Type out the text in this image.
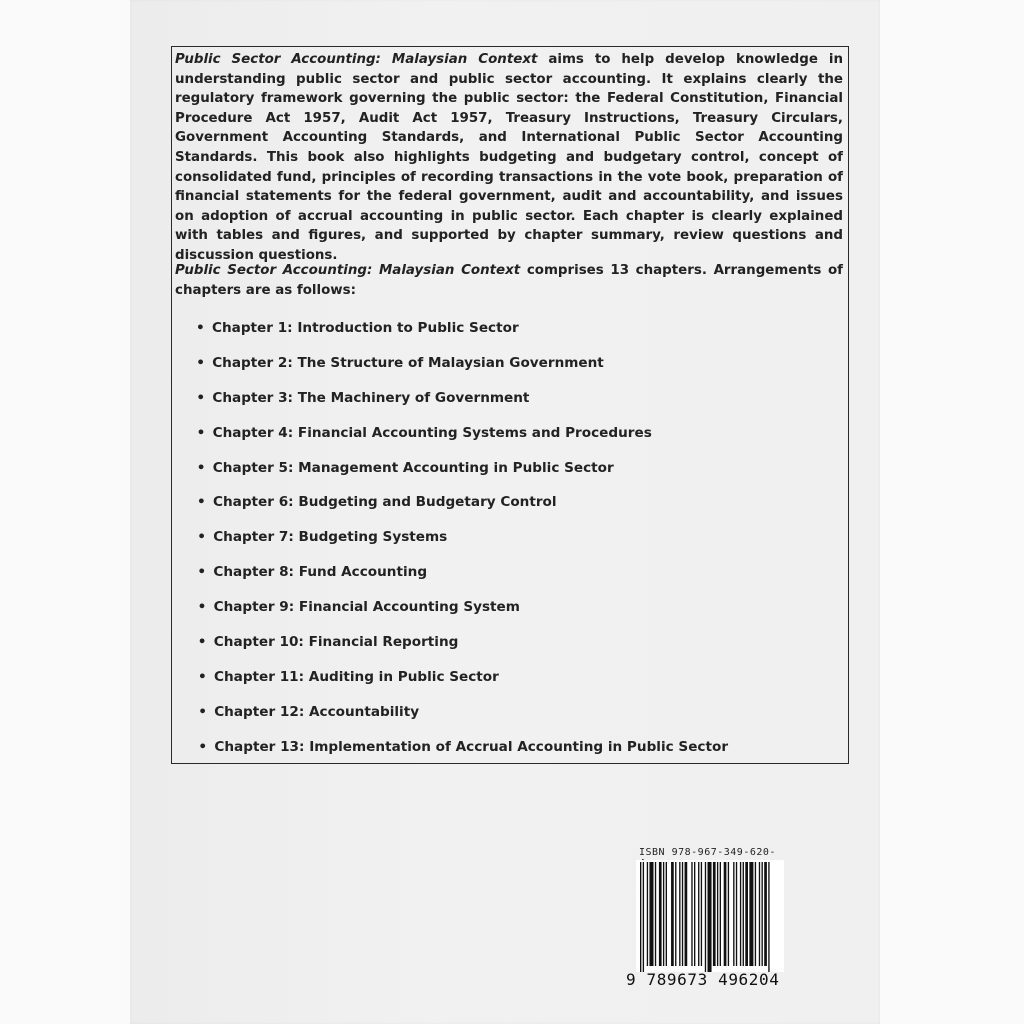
Public Sector Accounting: Malaysian Context aims to help develop knowledge in understanding public sector and public sector accounting. It explains clearly the regulatory framework governing the public sector: the Federal Constitution, Financial Procedure Act 1957, Audit Act 1957, Treasury Instructions, Treasury Circulars, Government Accounting Standards, and International Public Sector Accounting Standards. This book also highlights budgeting and budgetary control, concept of consolidated fund, principles of recording transactions in the vote book, preparation of financial statements for the federal government, audit and accountability, and issues on adoption of accrual accounting in public sector. Each chapter is clearly explained with tables and figures, and supported by chapter summary, review questions and discussion questions.
Public Sector Accounting: Malaysian Context comprises 13 chapters. Arrangements of chapters are as follows:
• Chapter 1: Introduction to Public Sector
• Chapter 2: The Structure of Malaysian Government
• Chapter 3: The Machinery of Government
• Chapter 4: Financial Accounting Systems and Procedures
• Chapter 5: Management Accounting in Public Sector
• Chapter 6: Budgeting and Budgetary Control
• Chapter 7: Budgeting Systems
• Chapter 8: Fund Accounting
• Chapter 9: Financial Accounting System
• Chapter 10: Financial Reporting
• Chapter 11: Auditing in Public Sector
• Chapter 12: Accountability
• Chapter 13: Implementation of Accrual Accounting in Public Sector
ISBN 978-967-349-620-
9 789673 496204
